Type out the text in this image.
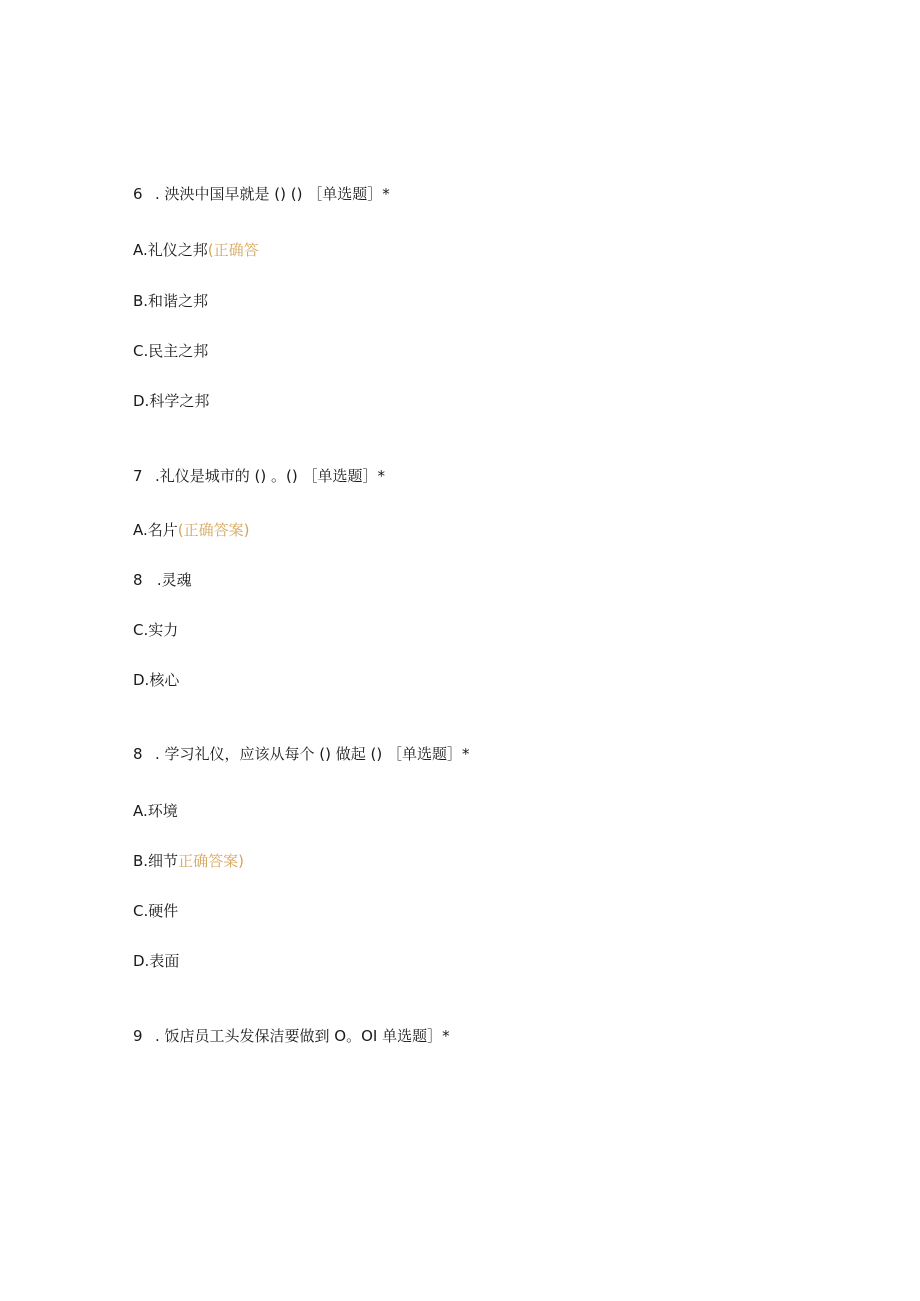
6 . 泱泱中国早就是 () () ［单选题］*
A.礼仪之邦(正确答
B.和谐之邦
C.民主之邦
D.科学之邦
7 .礼仪是城市的 () 。() ［单选题］*
A.名片(正确答案)
8   .灵魂
C.实力
D.核心
8 . 学习礼仪，应该从每个 () 做起 () ［单选题］*
A.环境
B.细节正确答案)
C.硬件
D.表面
9 . 饭店员工头发保洁要做到 O。OI 单选题］*
